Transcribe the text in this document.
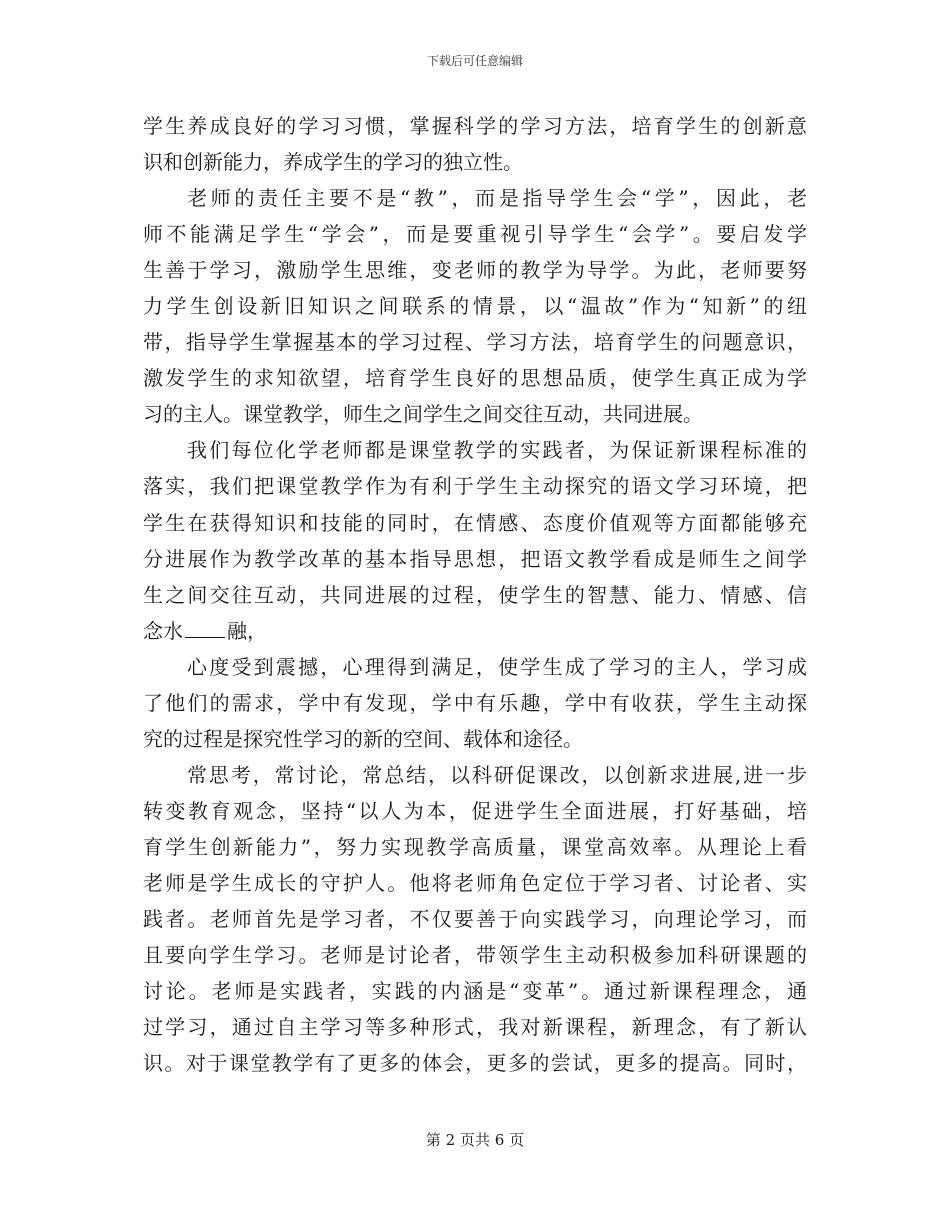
下载后可任意编辑
学生养成良好的学习习惯，掌握科学的学习方法，培育学生的创新意
识和创新能力，养成学生的学习的独立性。
老师的责任主要不是“教”，而是指导学生会“学”，因此，老
师不能满足学生“学会”，而是要重视引导学生“会学”。要启发学
生善于学习，激励学生思维，变老师的教学为导学。为此，老师要努
力学生创设新旧知识之间联系的情景，以“温故”作为“知新”的纽
带，指导学生掌握基本的学习过程、学习方法，培育学生的问题意识，
激发学生的求知欲望，培育学生良好的思想品质，使学生真正成为学
习的主人。课堂教学，师生之间学生之间交往互动，共同进展。
我们每位化学老师都是课堂教学的实践者，为保证新课程标准的
落实，我们把课堂教学作为有利于学生主动探究的语文学习环境，把
学生在获得知识和技能的同时，在情感、态度价值观等方面都能够充
分进展作为教学改革的基本指导思想，把语文教学看成是师生之间学
生之间交往互动，共同进展的过程，使学生的智慧、能力、情感、信
念水 融，
心度受到震撼，心理得到满足，使学生成了学习的主人，学习成
了他们的需求，学中有发现，学中有乐趣，学中有收获，学生主动探
究的过程是探究性学习的新的空间、载体和途径。
常思考，常讨论，常总结，以科研促课改，以创新求进展,进一步
转变教育观念，坚持“以人为本，促进学生全面进展，打好基础，培
育学生创新能力”，努力实现教学高质量，课堂高效率。从理论上看
老师是学生成长的守护人。他将老师角色定位于学习者、讨论者、实
践者。老师首先是学习者，不仅要善于向实践学习，向理论学习，而
且要向学生学习。老师是讨论者，带领学生主动积极参加科研课题的
讨论。老师是实践者，实践的内涵是“变革”。通过新课程理念，通
过学习，通过自主学习等多种形式，我对新课程，新理念，有了新认
识。对于课堂教学有了更多的体会，更多的尝试，更多的提高。同时，
第 2 页共 6 页
